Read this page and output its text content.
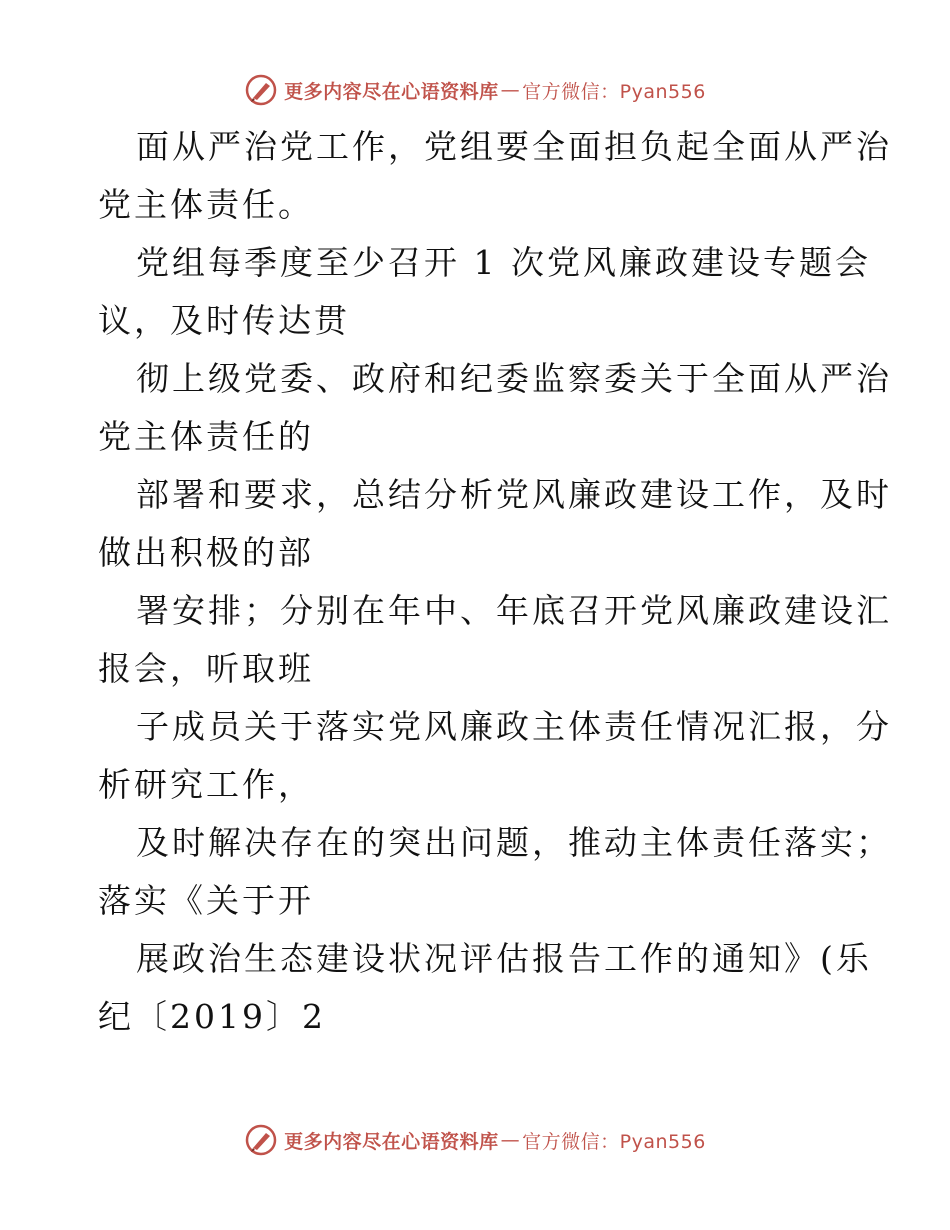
更多内容尽在心语资料库 — 官方微信：Pyan556
面从严治党工作，党组要全面担负起全面从严治
党主体责任。
党组每季度至少召开 1 次党风廉政建设专题会
议，及时传达贯
彻上级党委、政府和纪委监察委关于全面从严治
党主体责任的
部署和要求，总结分析党风廉政建设工作，及时
做出积极的部
署安排；分别在年中、年底召开党风廉政建设汇
报会，听取班
子成员关于落实党风廉政主体责任情况汇报，分
析研究工作，
及时解决存在的突出问题，推动主体责任落实；
落实《关于开
展政治生态建设状况评估报告工作的通知》(乐
纪〔2019〕2
更多内容尽在心语资料库 — 官方微信：Pyan556
